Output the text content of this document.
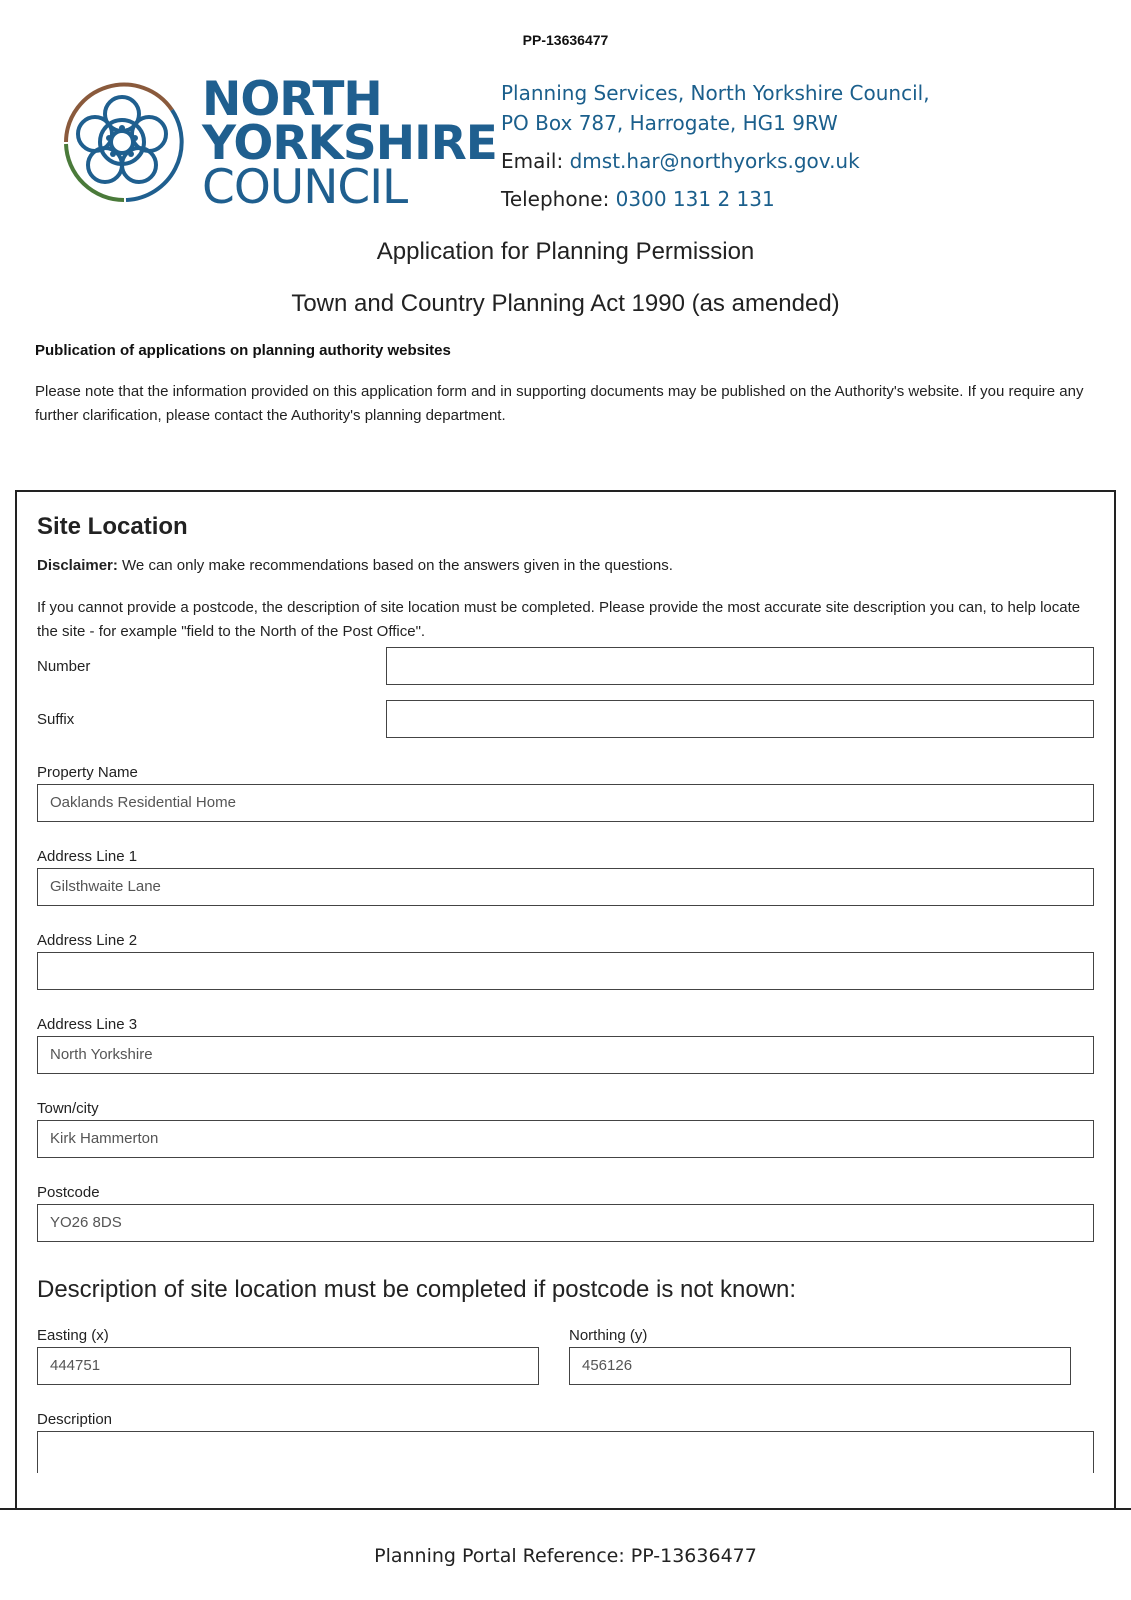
PP-13636477
NORTH
YORKSHIRE
COUNCIL
Planning Services, North Yorkshire Council,
PO Box 787, Harrogate, HG1 9RW
Email: dmst.har@northyorks.gov.uk
Telephone: 0300 131 2 131
Application for Planning Permission
Town and Country Planning Act 1990 (as amended)
Publication of applications on planning authority websites
Please note that the information provided on this application form and in supporting documents may be published on the Authority's website. If you require any further clarification, please contact the Authority's planning department.
Site Location
Disclaimer: We can only make recommendations based on the answers given in the questions.
If you cannot provide a postcode, the description of site location must be completed. Please provide the most accurate site description you can, to help locate the site - for example "field to the North of the Post Office".
Number
Suffix
Property Name
Oaklands Residential Home
Address Line 1
Gilsthwaite Lane
Address Line 2
Address Line 3
North Yorkshire
Town/city
Kirk Hammerton
Postcode
YO26 8DS
Description of site location must be completed if postcode is not known:
Easting (x)
444751
Northing (y)
456126
Description
Planning Portal Reference: PP-13636477
